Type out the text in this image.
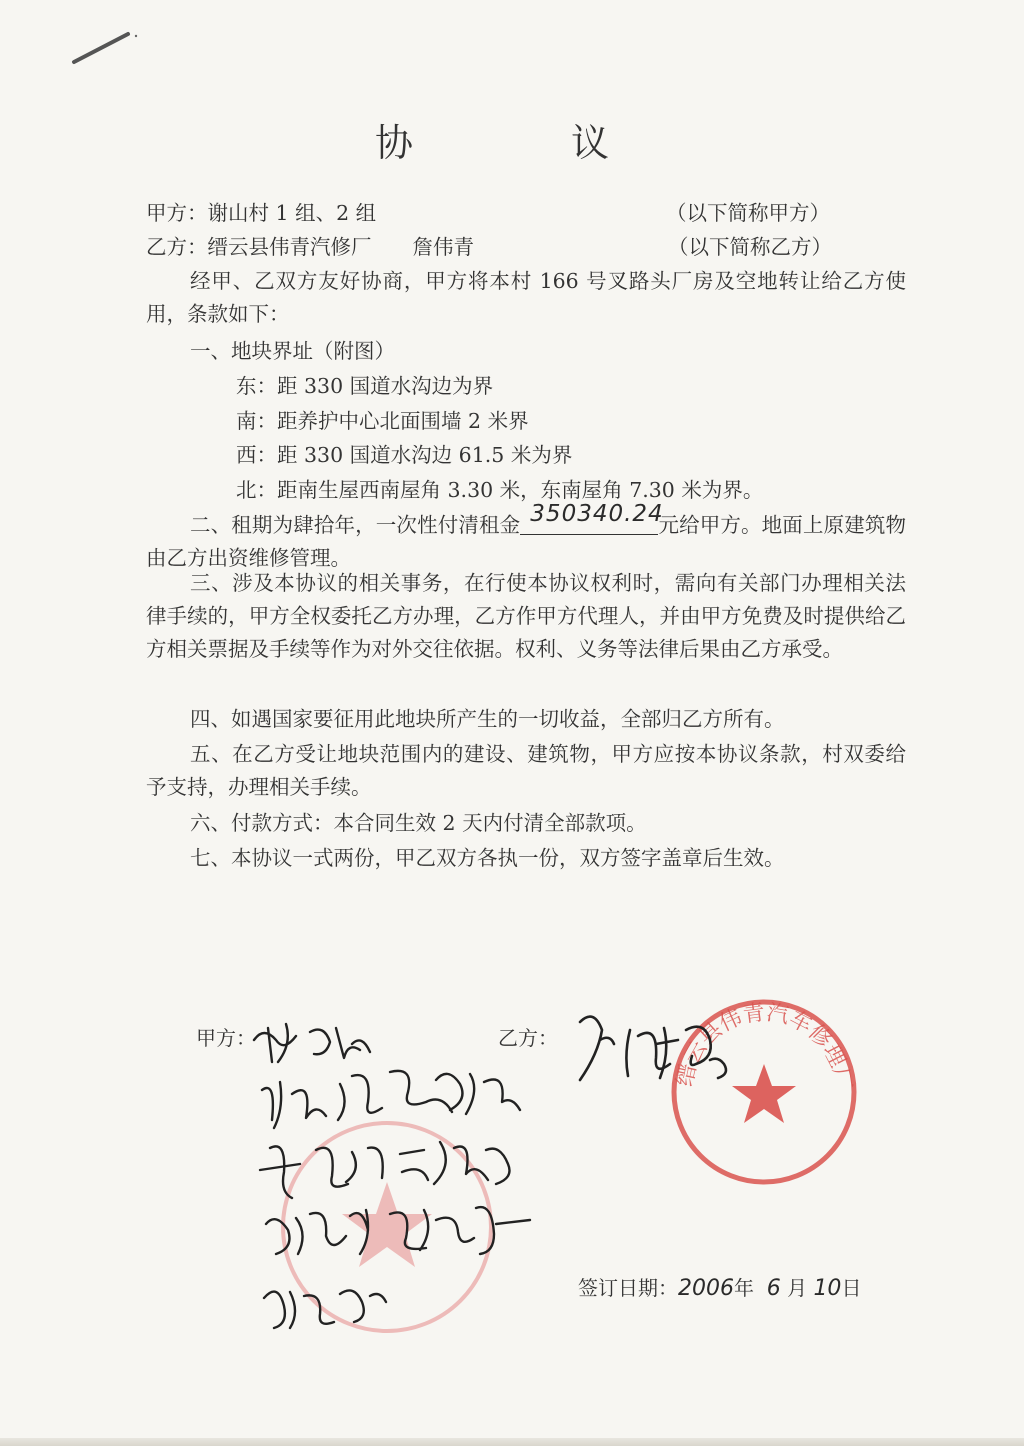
协　议
甲方：谢山村 1 组、2 组	（以下简称甲方）
乙方：缙云县伟青汽修厂　　詹伟青	（以下简称乙方）
经甲、乙双方友好协商，甲方将本村 166 号叉路头厂房及空地转让给乙方使用，条款如下：
一、地块界址（附图）
东：距 330 国道水沟边为界
南：距养护中心北面围墙 2 米界
西：距 330 国道水沟边 61.5 米为界
北：距南生屋西南屋角 3.30 米，东南屋角 7.30 米为界。
二、租期为肆拾年，一次性付清租金 350340.24
元给甲方。地面上原建筑物由乙方出资维修管理。
三、涉及本协议的相关事务，在行使本协议权利时，需向有关部门办理相关法律手续的，甲方全权委托乙方办理，乙方作甲方代理人，并由甲方免费及时提供给乙方相关票据及手续等作为对外交往依据。权利、义务等法律后果由乙方承受。
四、如遇国家要征用此地块所产生的一切收益，全部归乙方所有。
五、在乙方受让地块范围内的建设、建筑物，甲方应按本协议条款，村双委给予支持，办理相关手续。
六、付款方式：本合同生效 2 天内付清全部款项。
七、本协议一式两份，甲乙双方各执一份，双方签字盖章后生效。
甲方：	乙方：
缙云县伟青汽车修理厂
签订日期：2006年 6 月 10日
